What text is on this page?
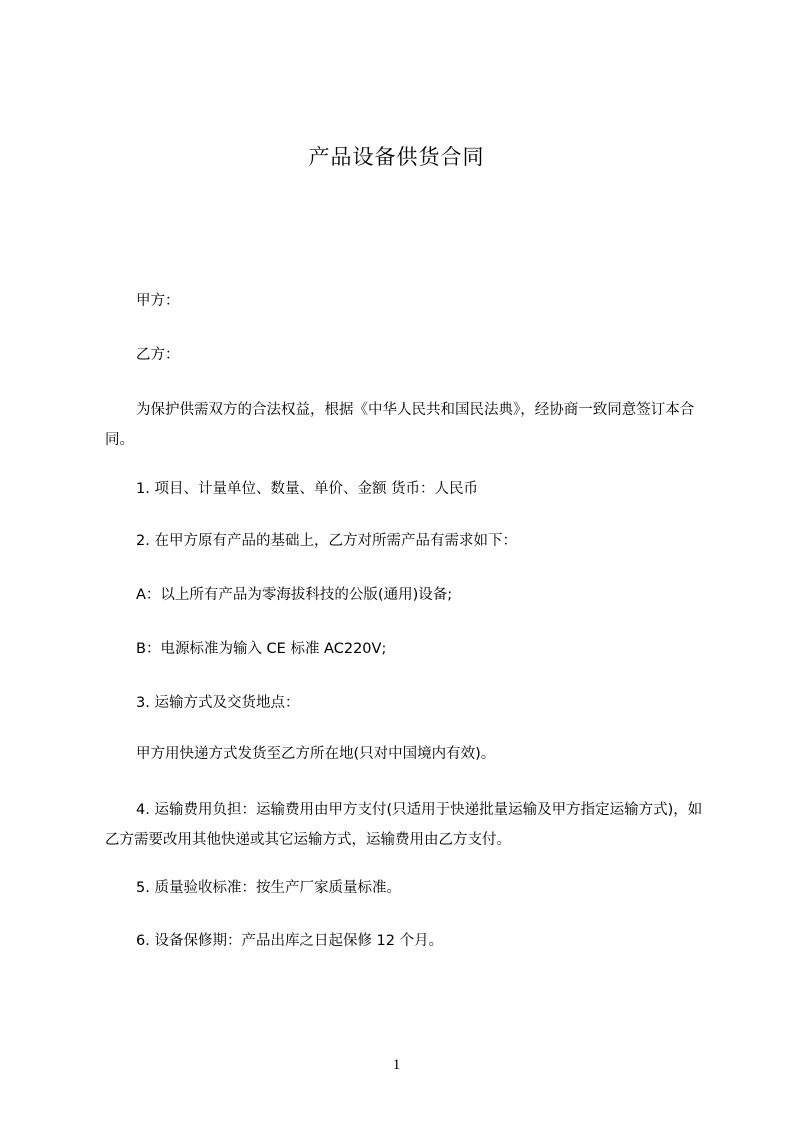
产品设备供货合同
甲方：
乙方：
为保护供需双方的合法权益，根据《中华人民共和国民法典》，经协商一致同意签订本合同。
1. 项目、计量单位、数量、单价、金额 货币：人民币
2. 在甲方原有产品的基础上，乙方对所需产品有需求如下：
A：以上所有产品为零海拔科技的公版(通用)设备;
B：电源标准为输入 CE 标准 AC220V;
3. 运输方式及交货地点：
甲方用快递方式发货至乙方所在地(只对中国境内有效)。
4. 运输费用负担：运输费用由甲方支付(只适用于快递批量运输及甲方指定运输方式)，如乙方需要改用其他快递或其它运输方式，运输费用由乙方支付。
5. 质量验收标准：按生产厂家质量标准。
6. 设备保修期：产品出库之日起保修 12 个月。
1
